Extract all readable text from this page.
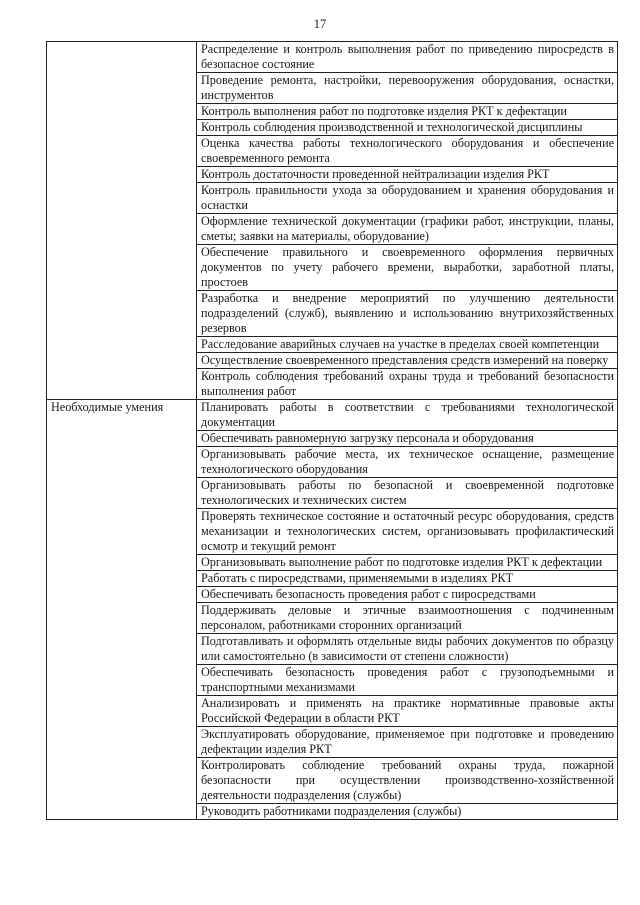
17
	Распределение и контроль выполнения работ по приведению пиросредств в безопасное состояние
	Проведение ремонта, настройки, перевооружения оборудования, оснастки, инструментов
	Контроль выполнения работ по подготовке изделия РКТ к дефектации
	Контроль соблюдения производственной и технологической дисциплины
	Оценка качества работы технологического оборудования и обеспечение своевременного ремонта
	Контроль достаточности проведенной нейтрализации изделия РКТ
	Контроль правильности ухода за оборудованием и хранения оборудования и оснастки
	Оформление технической документации (графики работ, инструкции, планы, сметы; заявки на материалы, оборудование)
	Обеспечение правильного и своевременного оформления первичных документов по учету рабочего времени, выработки, заработной платы, простоев
	Разработка и внедрение мероприятий по улучшению деятельности подразделений (служб), выявлению и использованию внутрихозяйственных резервов
	Расследование аварийных случаев на участке в пределах своей компетенции
	Осуществление своевременного представления средств измерений на поверку
	Контроль соблюдения требований охраны труда и требований безопасности выполнения работ
Необходимые умения	Планировать работы в соответствии с требованиями технологической документации
	Обеспечивать равномерную загрузку персонала и оборудования
	Организовывать рабочие места, их техническое оснащение, размещение технологического оборудования
	Организовывать работы по безопасной и своевременной подготовке технологических и технических систем
	Проверять техническое состояние и остаточный ресурс оборудования, средств механизации и технологических систем, организовывать профилактический осмотр и текущий ремонт
	Организовывать выполнение работ по подготовке изделия РКТ к дефектации
	Работать с пиросредствами, применяемыми в изделиях РКТ
	Обеспечивать безопасность проведения работ с пиросредствами
	Поддерживать деловые и этичные взаимоотношения с подчиненным персоналом, работниками сторонних организаций
	Подготавливать и оформлять отдельные виды рабочих документов по образцу или самостоятельно (в зависимости от степени сложности)
	Обеспечивать безопасность проведения работ с грузоподъемными и транспортными механизмами
	Анализировать и применять на практике нормативные правовые акты Российской Федерации в области РКТ
	Эксплуатировать оборудование, применяемое при подготовке и проведению дефектации изделия РКТ
	Контролировать соблюдение требований охраны труда, пожарной безопасности при осуществлении производственно-хозяйственной деятельности подразделения (службы)
	Руководить работниками подразделения (службы)
